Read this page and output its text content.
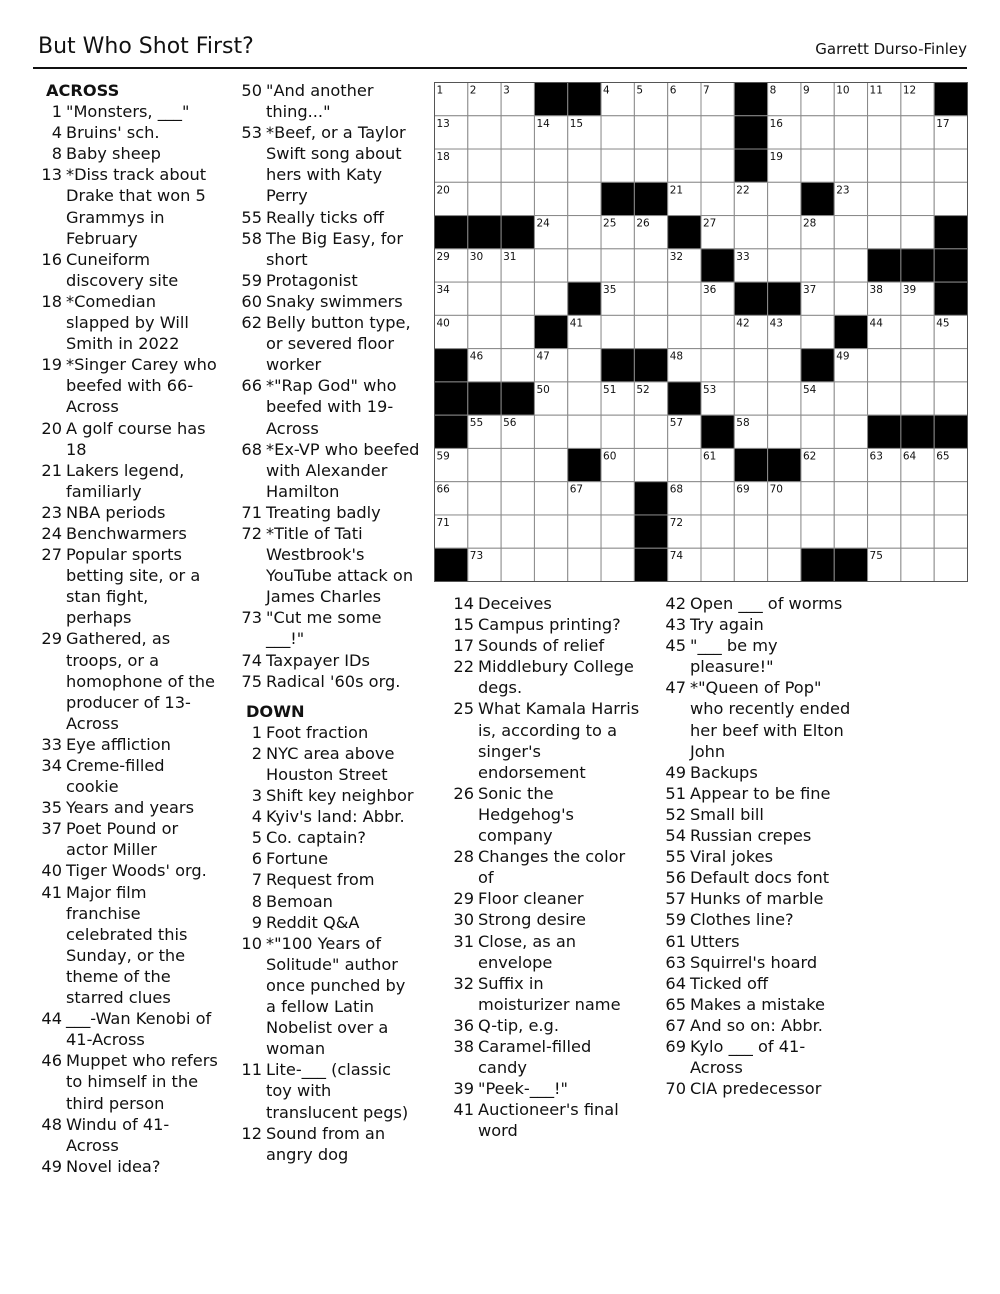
But Who Shot First?	Garrett Durso-Finley
1	2	3	4	5	6	7	8	9	10 11 12
13	14 15	16	17
18	19
20	21	22	23
24	25 26	27	28
29 30 31	32	33
34	35	36	37	38 39
40	41	42 43	44	45
46	47	48	49
50	51 52	53	54
55 56	57	58
59	60	61	62	63 64 65
66	67	68	69 70
71	72
73	74	75
ACROSS
1 "Monsters, ___"
4 Bruins' sch.
8 Baby sheep
13 *Diss track about Drake that won 5 Grammys in February
16 Cuneiform discovery site
18 *Comedian slapped by Will Smith in 2022
19 *Singer Carey who beefed with 66-Across
20 A golf course has 18
21 Lakers legend, familiarly
23 NBA periods
24 Benchwarmers
27 Popular sports betting site, or a stan fight, perhaps
29 Gathered, as troops, or a homophone of the producer of 13-Across
33 Eye affliction
34 Creme-filled cookie
35 Years and years
37 Poet Pound or actor Miller
40 Tiger Woods' org.
41 Major film franchise celebrated this Sunday, or the theme of the starred clues
44 ___-Wan Kenobi of 41-Across
46 Muppet who refers to himself in the third person
48 Windu of 41-Across
49 Novel idea?
50 "And another thing..."
53 *Beef, or a Taylor Swift song about hers with Katy Perry
55 Really ticks off
58 The Big Easy, for short
59 Protagonist
60 Snaky swimmers
62 Belly button type, or severed floor worker
66 *"Rap God" who beefed with 19-Across
68 *Ex-VP who beefed with Alexander Hamilton
71 Treating badly
72 *Title of Tati Westbrook's YouTube attack on James Charles
73 "Cut me some ___!"
74 Taxpayer IDs
75 Radical '60s org.
DOWN
1 Foot fraction
2 NYC area above Houston Street
3 Shift key neighbor
4 Kyiv's land: Abbr.
5 Co. captain?
6 Fortune
7 Request from
8 Bemoan
9 Reddit Q&A
10 *"100 Years of Solitude" author once punched by a fellow Latin Nobelist over a woman
11 Lite-___ (classic toy with translucent pegs)
12 Sound from an angry dog
14 Deceives
15 Campus printing?
17 Sounds of relief
22 Middlebury College degs.
25 What Kamala Harris is, according to a singer's endorsement
26 Sonic the Hedgehog's company
28 Changes the color of
29 Floor cleaner
30 Strong desire
31 Close, as an envelope
32 Suffix in moisturizer name
36 Q-tip, e.g.
38 Caramel-filled candy
39 "Peek-___!"
41 Auctioneer's final word
42 Open ___ of worms
43 Try again
45 "___ be my pleasure!"
47 *"Queen of Pop" who recently ended her beef with Elton John
49 Backups
51 Appear to be fine
52 Small bill
54 Russian crepes
55 Viral jokes
56 Default docs font
57 Hunks of marble
59 Clothes line?
61 Utters
63 Squirrel's hoard
64 Ticked off
65 Makes a mistake
67 And so on: Abbr.
69 Kylo ___ of 41-Across
70 CIA predecessor
